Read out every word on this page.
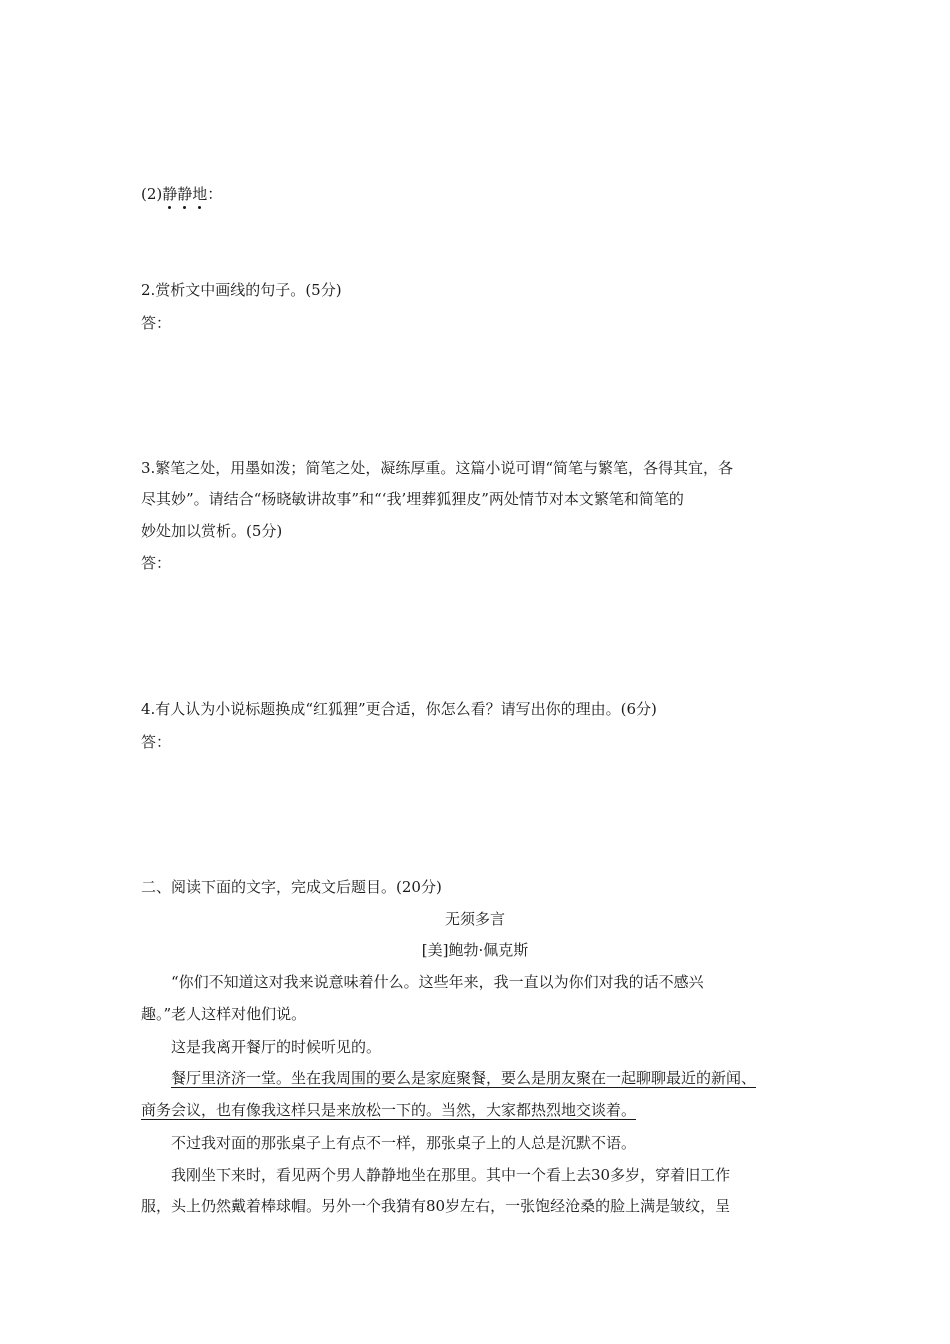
(2)静静地：
2.赏析文中画线的句子。(5分)
答：
3.繁笔之处，用墨如泼；简笔之处，凝练厚重。这篇小说可谓“简笔与繁笔，各得其宜，各
尽其妙”。请结合“杨晓敏讲故事”和“‘我’埋葬狐狸皮”两处情节对本文繁笔和简笔的
妙处加以赏析。(5分)
答：
4.有人认为小说标题换成“红狐狸”更合适，你怎么看？请写出你的理由。(6分)
答：
二、阅读下面的文字，完成文后题目。(20分)
无须多言
[美]鲍勃·佩克斯
“你们不知道这对我来说意味着什么。这些年来，我一直以为你们对我的话不感兴
趣。”老人这样对他们说。
这是我离开餐厅的时候听见的。
餐厅里济济一堂。坐在我周围的要么是家庭聚餐，要么是朋友聚在一起聊聊最近的新闻、
商务会议，也有像我这样只是来放松一下的。当然，大家都热烈地交谈着。
不过我对面的那张桌子上有点不一样，那张桌子上的人总是沉默不语。
我刚坐下来时，看见两个男人静静地坐在那里。其中一个看上去30多岁，穿着旧工作
服，头上仍然戴着棒球帽。另外一个我猜有80岁左右，一张饱经沧桑的脸上满是皱纹，呈
